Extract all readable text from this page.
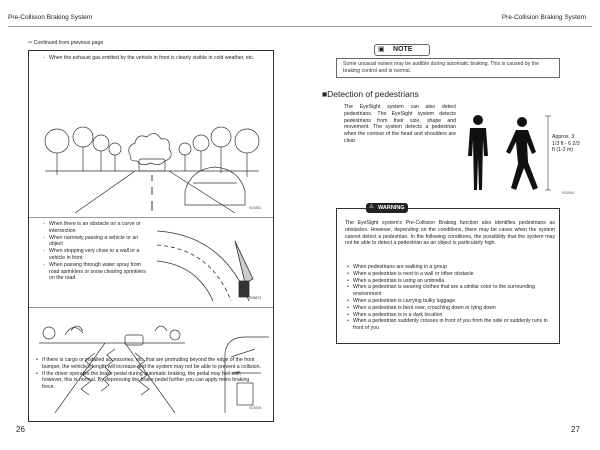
Pre-Collision Braking System	Pre-Collision Braking System
⇨ Continued from previous page
- When the exhaust gas emitted by the vehicle in front is clearly visible in cold weather, etc.
S03852
- When there is an obstacle on a curve or intersection
- When narrowly passing a vehicle or an object
- When stopping very close to a wall or a vehicle in front
- When passing through water spray from road sprinklers or snow clearing sprinklers on the road.
S05873
S03838
• If there is cargo or installed accessories, etc. that are protruding beyond the edge of the front bumper, the vehicle's length will increase and the system may not be able to prevent a collision.
• If the driver operates the brake pedal during automatic braking, the pedal may feel stiff; however, this is normal. By depressing the brake pedal further you can apply more braking force.
26
Some unusual noises may be audible during automatic braking. This is caused by the braking control and is normal.
▣ NOTE
■Detection of pedestrians
The EyeSight system can also detect pedestrians. The EyeSight system detects pedestrians from their size, shape and movement. The system detects a pedestrian when the contour of the head and shoulders are clear.
Approx. 3 1/3 ft - 6 2/3 ft (1-2 m)
S02549
The EyeSight system's Pre-Collision Braking function also identifies pedestrians as obstacles. However, depending on the conditions, there may be cases when the system cannot detect a pedestrian. In the following conditions, the possibility that the system may not be able to detect a pedestrian as an object is particularly high.
• When pedestrians are walking in a group
• When a pedestrian is next to a wall or other obstacle
• When a pedestrian is using an umbrella
• When a pedestrian is wearing clothes that are a similar color to the surrounding environment
• When a pedestrian is carrying bulky luggage
• When a pedestrian is bent over, crouching down or lying down
• When a pedestrian is in a dark location
• When a pedestrian suddenly crosses in front of you from the side or suddenly runs in front of you
⚠ WARNING
27
